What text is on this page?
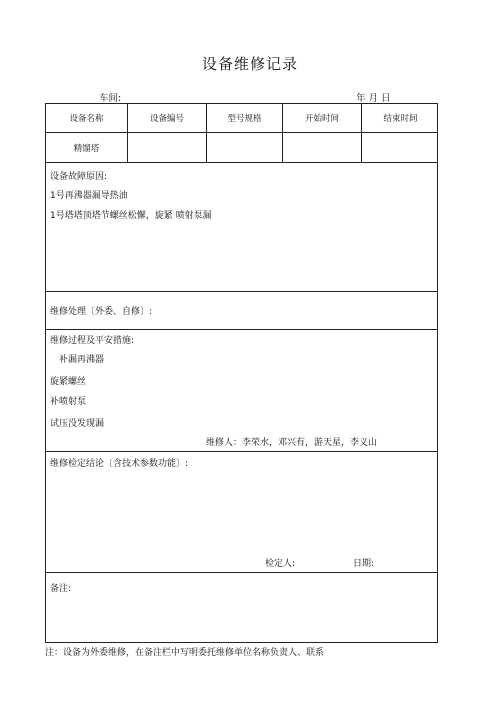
设备维修记录
车间:	年 月 日
设备名称	设备编号	型号规格	开始时间	结束时间
精馏塔
设备故障原因:
1号再沸器漏导热油
1号塔塔顶塔节螺丝松懈，旋紧 喷射泵漏
维修处理〔外委、自修〕:
维修过程及平安措施:
补漏再沸器
旋紧螺丝
补喷射泵
试压没发现漏
维修人：李荣水，邓兴有，游天星，李义山
维修检定结论〔含技术参数功能〕:
检定人:	日期:
备注:
注：设备为外委维修，在备注栏中写明委托维修单位名称负责人、联系
